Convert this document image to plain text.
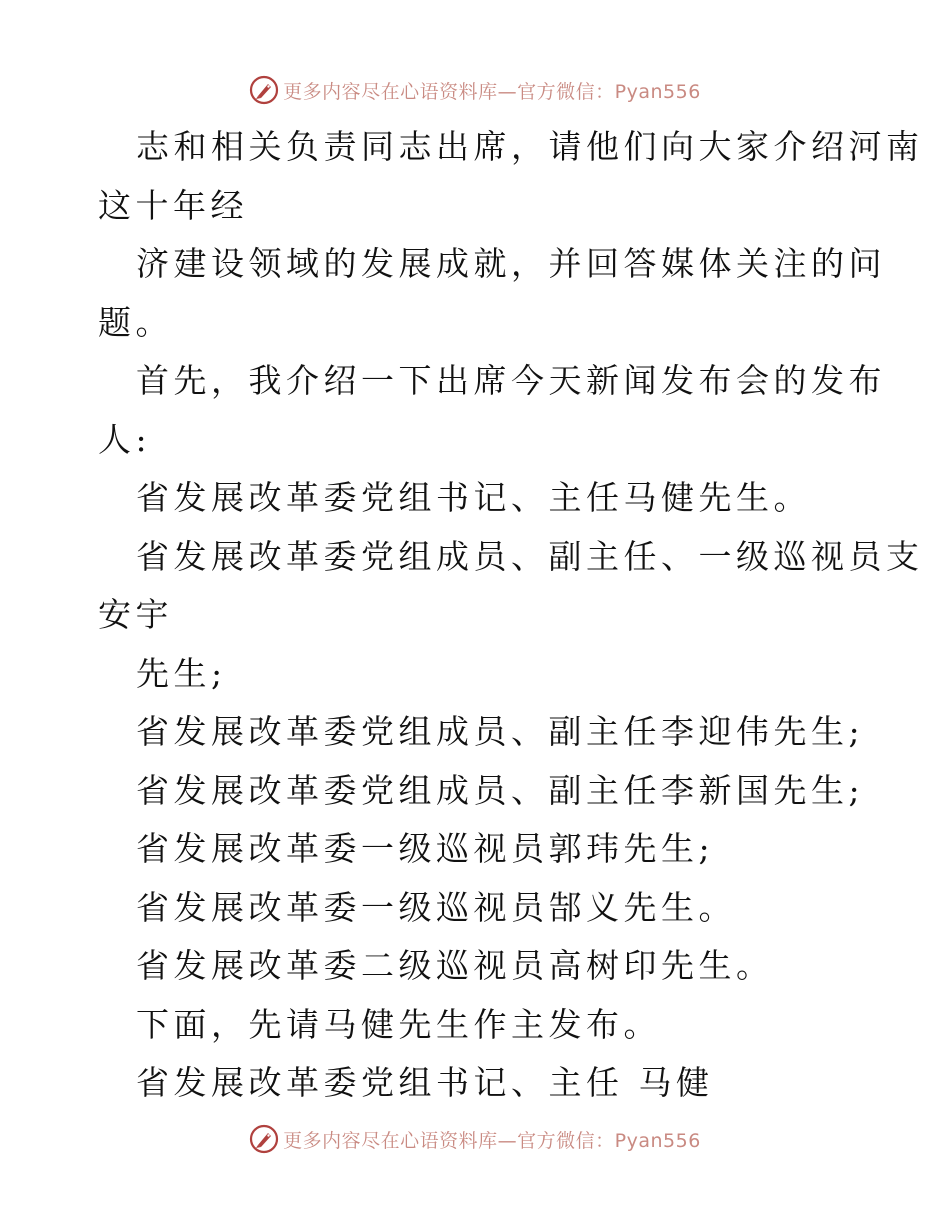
更多内容尽在心语资料库—官方微信：Pyan556
志和相关负责同志出席，请他们向大家介绍河南
这十年经
济建设领域的发展成就，并回答媒体关注的问
题。
首先，我介绍一下出席今天新闻发布会的发布
人:
省发展改革委党组书记、主任马健先生。
省发展改革委党组成员、副主任、一级巡视员支
安宇
先生;
省发展改革委党组成员、副主任李迎伟先生;
省发展改革委党组成员、副主任李新国先生;
省发展改革委一级巡视员郭玮先生;
省发展改革委一级巡视员郜义先生。
省发展改革委二级巡视员高树印先生。
下面，先请马健先生作主发布。
省发展改革委党组书记、主任 马健
更多内容尽在心语资料库—官方微信：Pyan556
